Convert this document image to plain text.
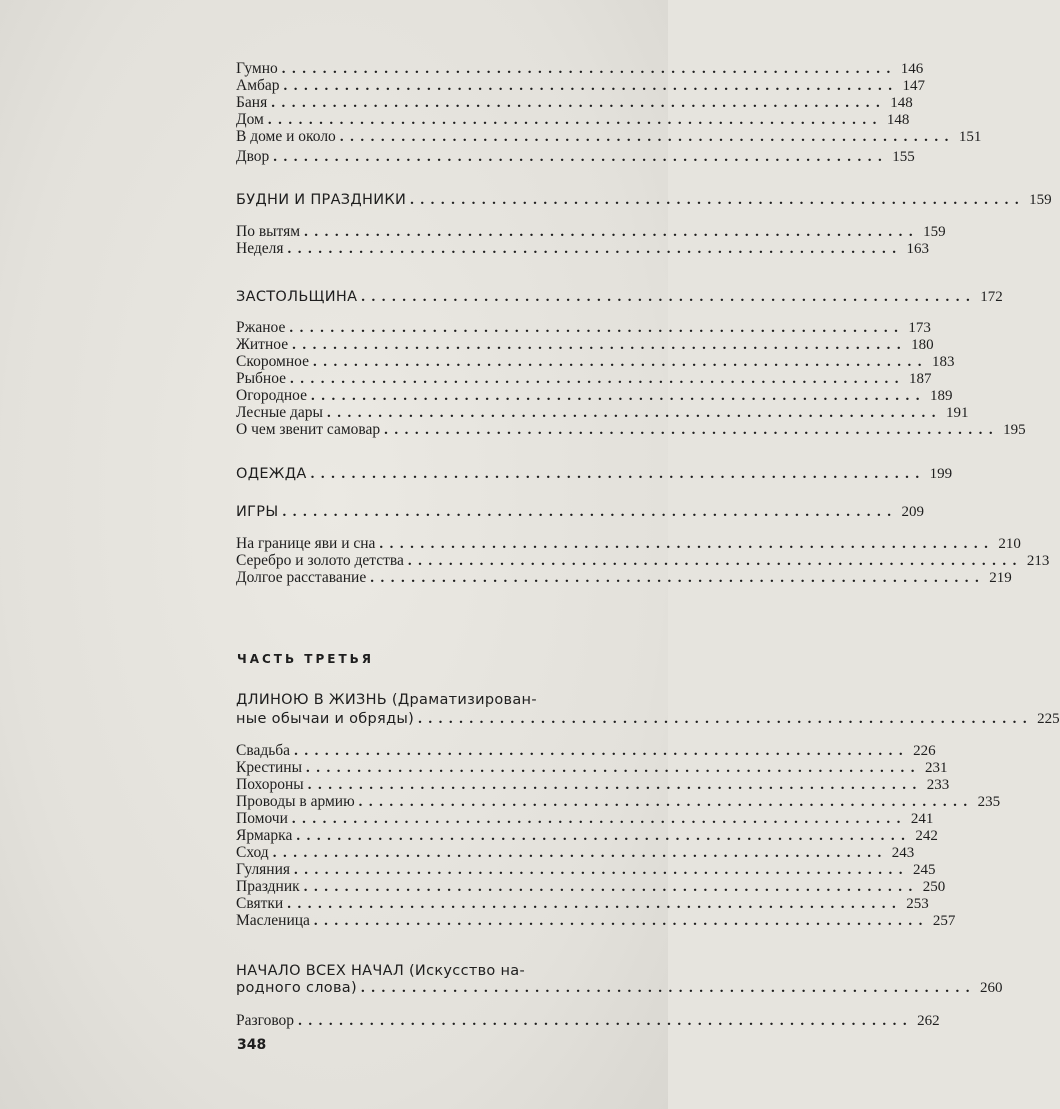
Гумно ............................................................ 146
Амбар ............................................................ 147
Баня ............................................................ 148
Дом ............................................................ 148
В доме и около ............................................................ 151
Двор ............................................................ 155
БУДНИ И ПРАЗДНИКИ ............................................................ 159
По вытям ............................................................ 159
Неделя ............................................................ 163
ЗАСТОЛЬЩИНА ............................................................ 172
Ржаное ............................................................ 173
Житное ............................................................ 180
Скоромное ............................................................ 183
Рыбное ............................................................ 187
Огородное ............................................................ 189
Лесные дары ............................................................ 191
О чем звенит самовар ............................................................ 195
ОДЕЖДА ............................................................ 199
ИГРЫ ............................................................ 209
На границе яви и сна ............................................................ 210
Серебро и золото детства ............................................................ 213
Долгое расставание ............................................................ 219
ДЛИНОЮ В ЖИЗНЬ (Драматизирован-
ные обычаи и обряды) ............................................................ 225
Свадьба ............................................................ 226
Крестины ............................................................ 231
Похороны ............................................................ 233
Проводы в армию ............................................................ 235
Помочи ............................................................ 241
Ярмарка ............................................................ 242
Сход ............................................................ 243
Гуляния ............................................................ 245
Праздник ............................................................ 250
Святки ............................................................ 253
Масленица ............................................................ 257
НАЧАЛО ВСЕХ НАЧАЛ (Искусство на-
родного слова) ............................................................ 260
Разговор ............................................................ 262
ЧАСТЬ ТРЕТЬЯ
348
